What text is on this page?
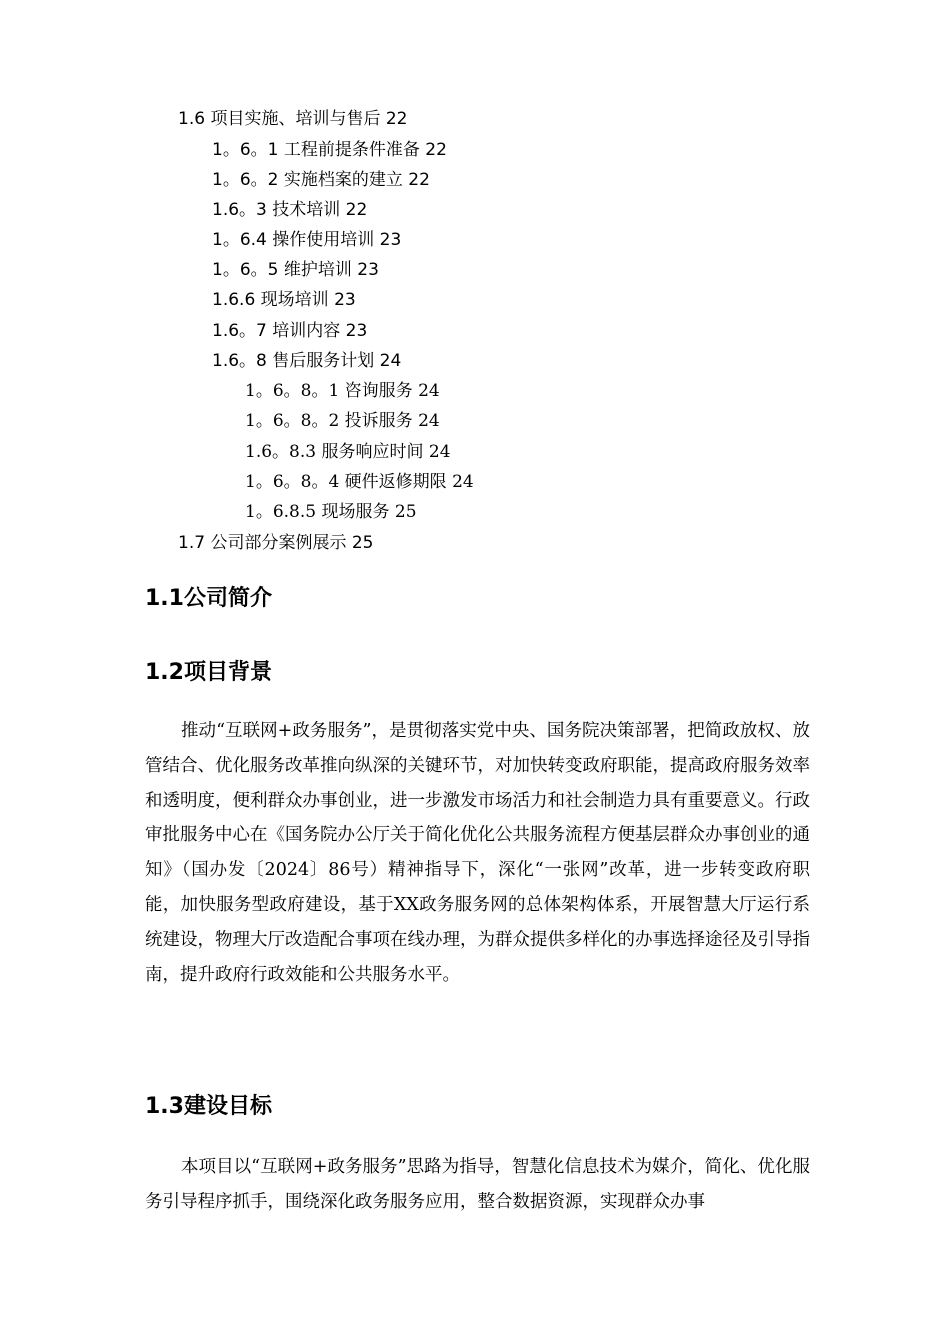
1.6 项目实施、培训与售后 22
1。6。1 工程前提条件准备 22
1。6。2 实施档案的建立 22
1.6。3 技术培训 22
1。6.4 操作使用培训 23
1。6。5 维护培训 23
1.6.6 现场培训 23
1.6。7 培训内容 23
1.6。8 售后服务计划 24
1。6。8。1 咨询服务 24
1。6。8。2 投诉服务 24
1.6。8.3 服务响应时间 24
1。6。8。4 硬件返修期限 24
1。6.8.5 现场服务 25
1.7 公司部分案例展示 25
1.1公司简介
1.2项目背景

推动“互联网+政务服务”，是贯彻落实党中央、国务院决策部署，把简政放权、放管结合、优化服务改革推向纵深的关键环节，对加快转变政府职能，提高政府服务效率和透明度，便利群众办事创业，进一步激发市场活力和社会制造力具有重要意义。行政审批服务中心在《国务院办公厅关于简化优化公共服务流程方便基层群众办事创业的通知》（国办发〔2024〕86号）精神指导下，深化“一张网”改革，进一步转变政府职能，加快服务型政府建设，基于XX政务服务网的总体架构体系，开展智慧大厅运行系统建设，物理大厅改造配合事项在线办理，为群众提供多样化的办事选择途径及引导指南，提升政府行政效能和公共服务水平。

1.3建设目标

本项目以“互联网+政务服务”思路为指导，智慧化信息技术为媒介，简化、优化服务引导程序抓手，围绕深化政务服务应用，整合数据资源，实现群众办事
